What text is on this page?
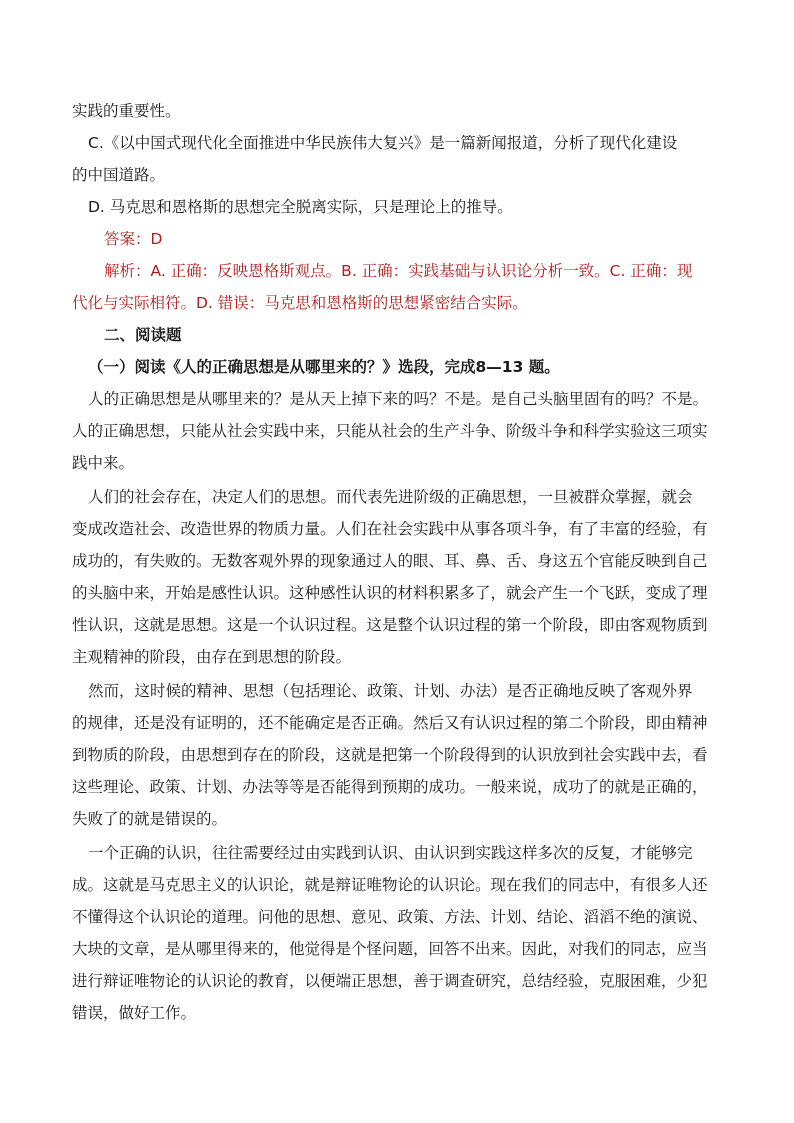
实践的重要性。
C.《以中国式现代化全面推进中华民族伟大复兴》是一篇新闻报道，分析了现代化建设
的中国道路。
D. 马克思和恩格斯的思想完全脱离实际，只是理论上的推导。
答案：D
解析：A. 正确：反映恩格斯观点。B. 正确：实践基础与认识论分析一致。C. 正确：现
代化与实际相符。D. 错误：马克思和恩格斯的思想紧密结合实际。
二、阅读题
（一）阅读《人的正确思想是从哪里来的？》选段，完成8—13 题。
人的正确思想是从哪里来的？是从天上掉下来的吗？不是。是自己头脑里固有的吗？不是。
人的正确思想，只能从社会实践中来，只能从社会的生产斗争、阶级斗争和科学实验这三项实
践中来。
人们的社会存在，决定人们的思想。而代表先进阶级的正确思想，一旦被群众掌握，就会
变成改造社会、改造世界的物质力量。人们在社会实践中从事各项斗争，有了丰富的经验，有
成功的，有失败的。无数客观外界的现象通过人的眼、耳、鼻、舌、身这五个官能反映到自己
的头脑中来，开始是感性认识。这种感性认识的材料积累多了，就会产生一个飞跃，变成了理
性认识，这就是思想。这是一个认识过程。这是整个认识过程的第一个阶段，即由客观物质到
主观精神的阶段，由存在到思想的阶段。
然而，这时候的精神、思想（包括理论、政策、计划、办法）是否正确地反映了客观外界
的规律，还是没有证明的，还不能确定是否正确。然后又有认识过程的第二个阶段，即由精神
到物质的阶段，由思想到存在的阶段，这就是把第一个阶段得到的认识放到社会实践中去，看
这些理论、政策、计划、办法等等是否能得到预期的成功。一般来说，成功了的就是正确的，
失败了的就是错误的。
一个正确的认识，往往需要经过由实践到认识、由认识到实践这样多次的反复，才能够完
成。这就是马克思主义的认识论，就是辩证唯物论的认识论。现在我们的同志中，有很多人还
不懂得这个认识论的道理。问他的思想、意见、政策、方法、计划、结论、滔滔不绝的演说、
大块的文章，是从哪里得来的，他觉得是个怪问题，回答不出来。因此，对我们的同志，应当
进行辩证唯物论的认识论的教育，以便端正思想，善于调查研究，总结经验，克服困难，少犯
错误，做好工作。
